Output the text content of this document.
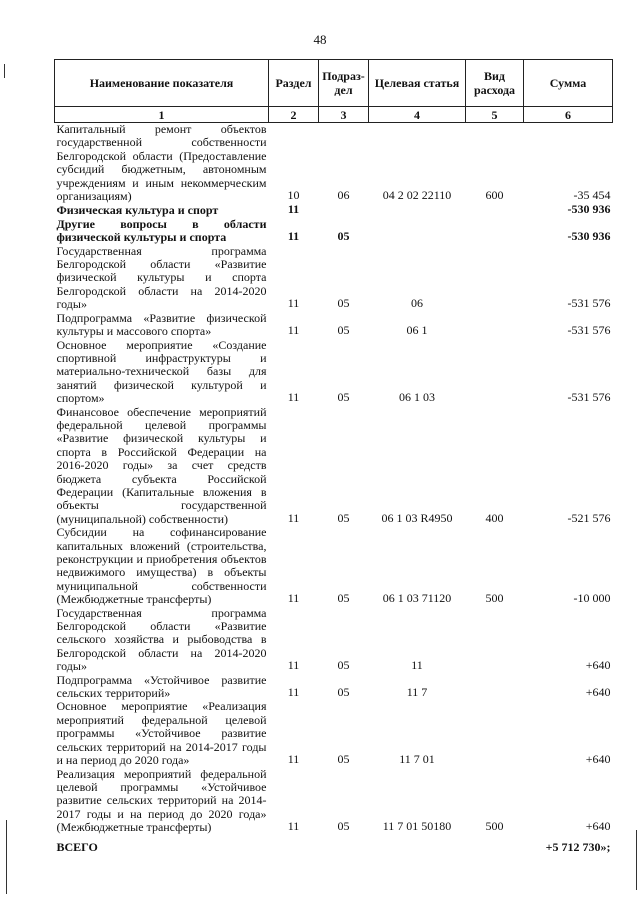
48
Наименование показателя	Раздел	Подраз-дел	Целевая статья	Вид расхода	Сумма
1	2	3	4	5	6
Капитальный ремонт объектов государственной собственности Белгородской области (Предоставление субсидий бюджетным, автономным учреждениям и иным некоммерческим организациям)	10	06	04 2 02 22110	600	-35 454
Физическая культура и спорт	11				-530 936
Другие вопросы в области физической культуры и спорта	11	05			-530 936
Государственная программа Белгородской области «Развитие физической культуры и спорта Белгородской области на 2014-2020 годы»	11	05	06		-531 576
Подпрограмма «Развитие физической культуры и массового спорта»	11	05	06 1		-531 576
Основное мероприятие «Создание спортивной инфраструктуры и материально-технической базы для занятий физической культурой и спортом»	11	05	06 1 03		-531 576
Финансовое обеспечение мероприятий федеральной целевой программы «Развитие физической культуры и спорта в Российской Федерации на 2016-2020 годы» за счет средств бюджета субъекта Российской Федерации (Капитальные вложения в объекты государственной (муниципальной) собственности)	11	05	06 1 03 R4950	400	-521 576
Субсидии на софинансирование капитальных вложений (строительства, реконструкции и приобретения объектов недвижимого имущества) в объекты муниципальной собственности (Межбюджетные трансферты)	11	05	06 1 03 71120	500	-10 000
Государственная программа Белгородской области «Развитие сельского хозяйства и рыбоводства в Белгородской области на 2014-2020 годы»	11	05	11		+640
Подпрограмма «Устойчивое развитие сельских территорий»	11	05	11 7		+640
Основное мероприятие «Реализация мероприятий федеральной целевой программы «Устойчивое развитие сельских территорий на 2014-2017 годы и на период до 2020 года»	11	05	11 7 01		+640
Реализация мероприятий федеральной целевой программы «Устойчивое развитие сельских территорий на 2014-2017 годы и на период до 2020 года» (Межбюджетные трансферты)	11	05	11 7 01 50180	500	+640
ВСЕГО					+5 712 730»;
